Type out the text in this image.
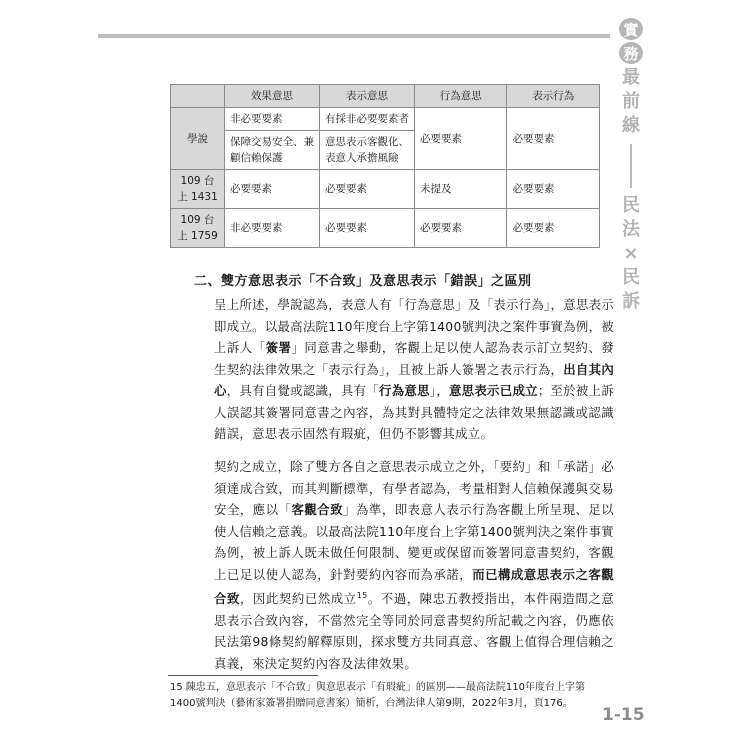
實
務
最
前
線
民
法
×
民
訴
	效果意思	表示意思	行為意思	表示行為
學說	非必要要素	有採非必要要素者	必要要素	必要要素
	保障交易安全、兼顧信賴保護	意思表示客觀化、表意人承擔風險		
109 台上 1431	必要要素	必要要素	未提及	必要要素
109 台上 1759	非必要要素	必要要素	必要要素	必要要素
二、雙方意思表示「不合致」及意思表示「錯誤」之區別
呈上所述，學說認為，表意人有「行為意思」及「表示行為」，意思表示即成立。以最高法院110年度台上字第1400號判決之案件事實為例，被上訴人「簽署」同意書之舉動，客觀上足以使人認為表示訂立契約、發生契約法律效果之「表示行為」，且被上訴人簽署之表示行為，出自其內心，具有自覺或認識，具有「行為意思」，意思表示已成立；至於被上訴人誤認其簽署同意書之內容，為其對具體特定之法律效果無認識或認識錯誤，意思表示固然有瑕疵，但仍不影響其成立。
契約之成立，除了雙方各自之意思表示成立之外，「要約」和「承諾」必須達成合致，而其判斷標準，有學者認為，考量相對人信賴保護與交易安全，應以「客觀合致」為準，即表意人表示行為客觀上所呈現、足以使人信賴之意義。以最高法院110年度台上字第1400號判決之案件事實為例，被上訴人既未做任何限制、變更或保留而簽署同意書契約，客觀上已足以使人認為，針對要約內容而為承諾，而已構成意思表示之客觀合致，因此契約已然成立$^{15}$。不過，陳忠五教授指出，本件兩造間之意思表示合致內容，不當然完全等同於同意書契約所記載之內容，仍應依民法第98條契約解釋原則，探求雙方共同真意、客觀上值得合理信賴之真義，來決定契約內容及法律效果。
15 陳忠五，意思表示「不合致」與意思表示「有瑕疵」的區別——最高法院110年度台上字第1400號判決（藝術家簽署捐贈同意書案）簡析，台灣法律人第9期，2022年3月，頁176。
1-15
